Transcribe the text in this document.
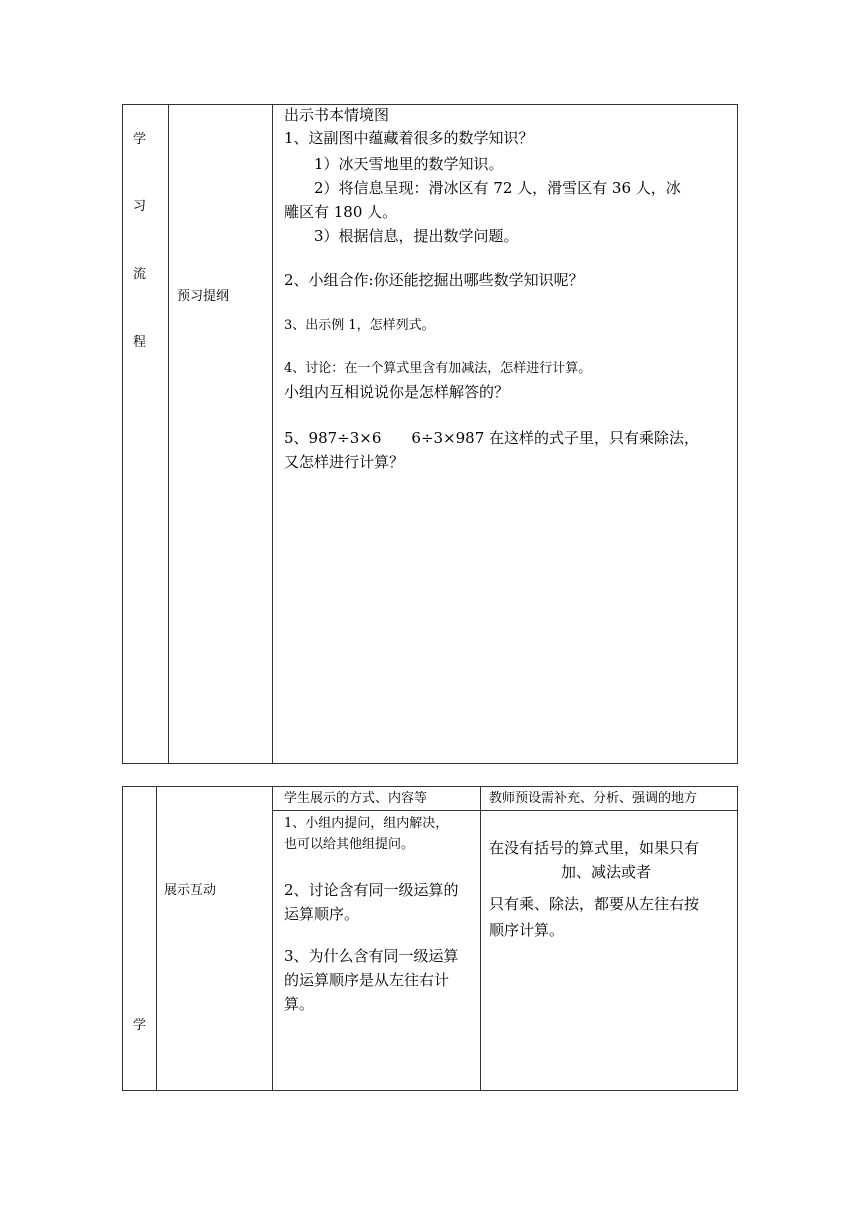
学
习
流
程
预习提纲
出示书本情境图
1、这副图中蕴藏着很多的数学知识？
1）冰天雪地里的数学知识。
2）将信息呈现：滑冰区有 72 人，滑雪区有 36 人，冰
雕区有 180 人。
3）根据信息，提出数学问题。
2、小组合作:你还能挖掘出哪些数学知识呢？
3、出示例 1，怎样列式。
4、讨论：在一个算式里含有加减法，怎样进行计算。
小组内互相说说你是怎样解答的？
5、987÷3×6　　6÷3×987 在这样的式子里，只有乘除法，
又怎样进行计算？
学
展示互动
学生展示的方式、内容等	教师预设需补充、分析、强调的地方
1、小组内提问，组内解决，
也可以给其他组提问。
2、讨论含有同一级运算的
运算顺序。
3、为什么含有同一级运算
的运算顺序是从左往右计
算。
在没有括号的算式里，如果只有
加、减法或者
只有乘、除法，都要从左往右按
顺序计算。
